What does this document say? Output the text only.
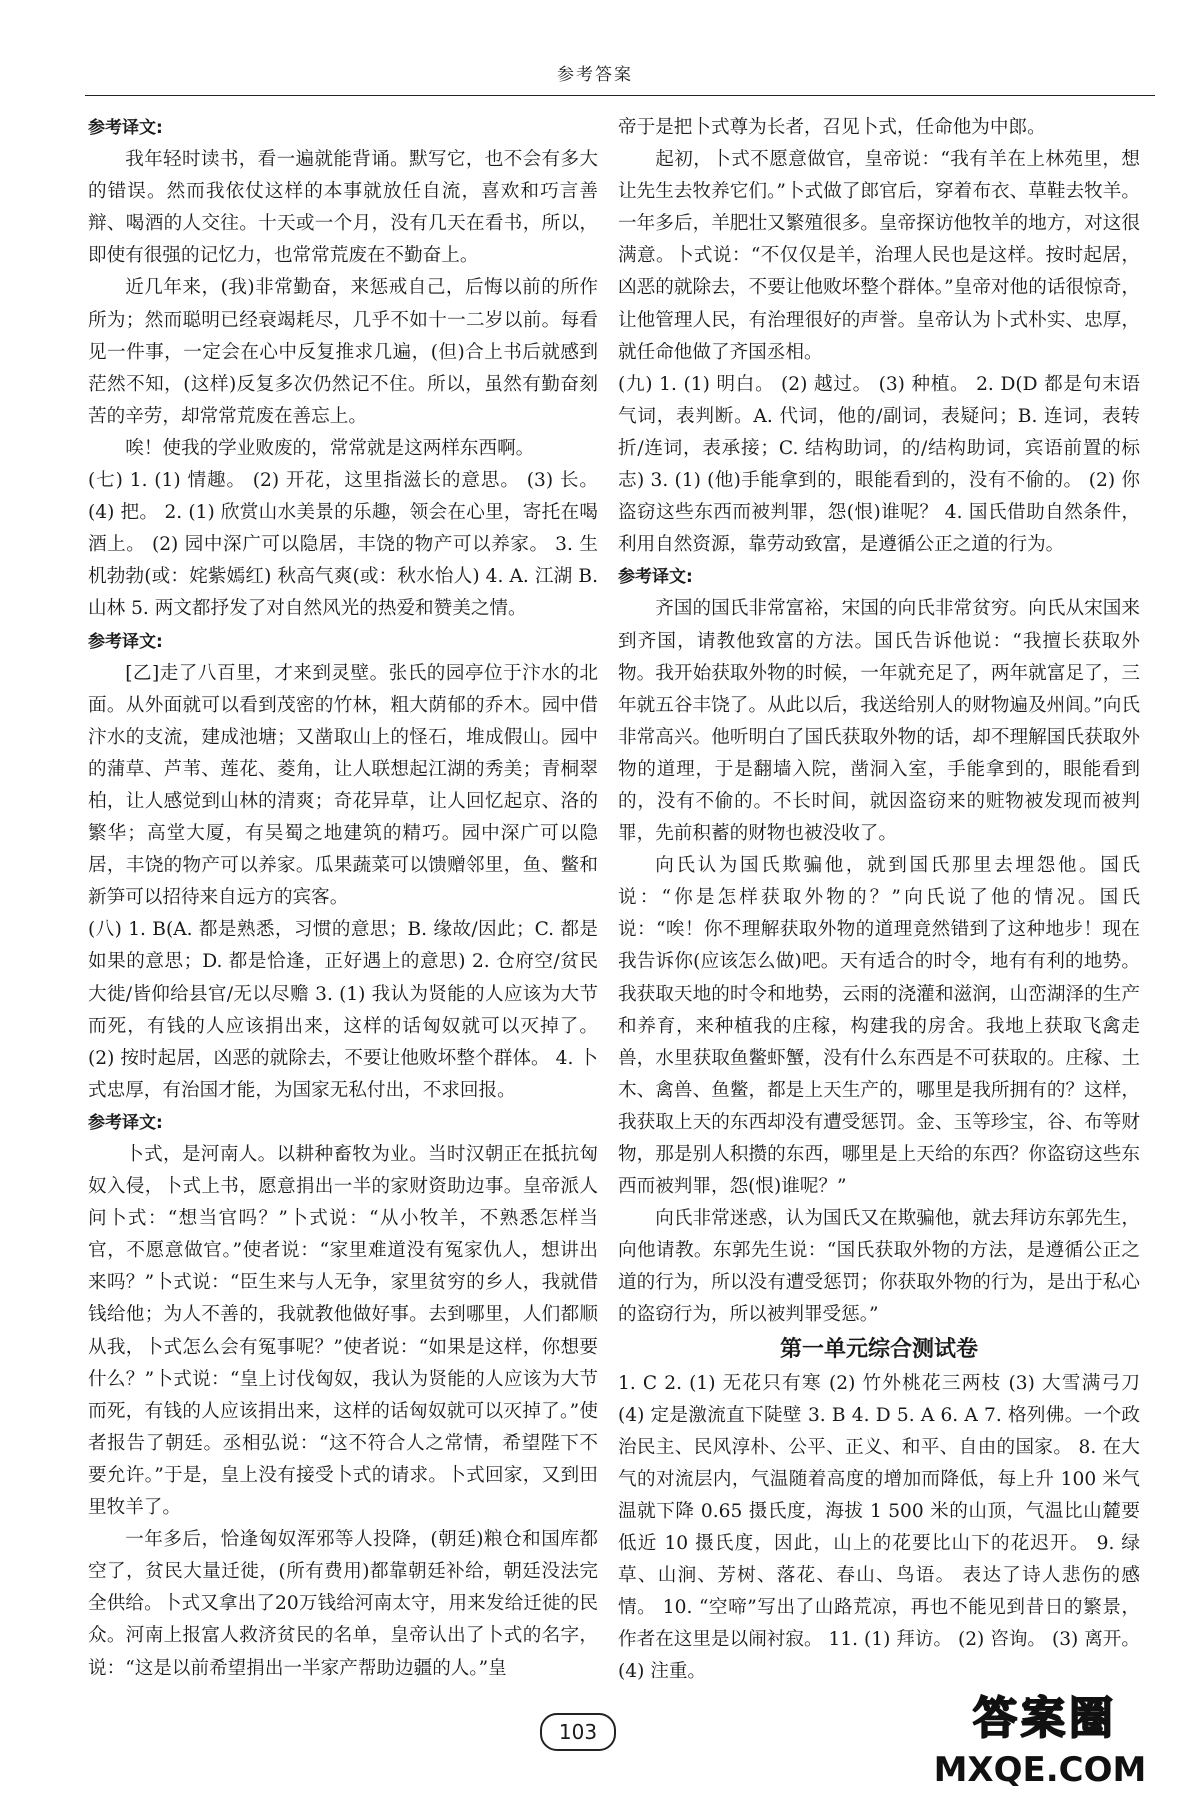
参考答案

参考译文:

我年轻时读书，看一遍就能背诵。默写它，也不会有多大的错误。然而我依仗这样的本事就放任自流，喜欢和巧言善辩、喝酒的人交往。十天或一个月，没有几天在看书，所以，即使有很强的记忆力，也常常荒废在不勤奋上。

近几年来，(我)非常勤奋，来惩戒自己，后悔以前的所作所为；然而聪明已经衰竭耗尽，几乎不如十一二岁以前。每看见一件事，一定会在心中反复推求几遍，(但)合上书后就感到茫然不知，(这样)反复多次仍然记不住。所以，虽然有勤奋刻苦的辛劳，却常常荒废在善忘上。

唉！使我的学业败废的，常常就是这两样东西啊。

(七) 1. (1) 情趣。 (2) 开花，这里指滋长的意思。 (3) 长。 (4) 把。 2. (1) 欣赏山水美景的乐趣，领会在心里，寄托在喝酒上。 (2) 园中深广可以隐居，丰饶的物产可以养家。 3. 生机勃勃(或：姹紫嫣红) 秋高气爽(或：秋水怡人) 4. A. 江湖 B. 山林 5. 两文都抒发了对自然风光的热爱和赞美之情。

参考译文:

[乙]走了八百里，才来到灵壁。张氏的园亭位于汴水的北面。从外面就可以看到茂密的竹林，粗大荫郁的乔木。园中借汴水的支流，建成池塘；又凿取山上的怪石，堆成假山。园中的蒲草、芦苇、莲花、菱角，让人联想起江湖的秀美；青桐翠柏，让人感觉到山林的清爽；奇花异草，让人回忆起京、洛的繁华；高堂大厦，有吴蜀之地建筑的精巧。园中深广可以隐居，丰饶的物产可以养家。瓜果蔬菜可以馈赠邻里，鱼、鳖和新笋可以招待来自远方的宾客。

(八) 1. B(A. 都是熟悉，习惯的意思；B. 缘故/因此；C. 都是如果的意思；D. 都是恰逢，正好遇上的意思) 2. 仓府空/贫民大徙/皆仰给县官/无以尽赡 3. (1) 我认为贤能的人应该为大节而死，有钱的人应该捐出来，这样的话匈奴就可以灭掉了。 (2) 按时起居，凶恶的就除去，不要让他败坏整个群体。 4. 卜式忠厚，有治国才能，为国家无私付出，不求回报。

参考译文:

卜式，是河南人。以耕种畜牧为业。当时汉朝正在抵抗匈奴入侵，卜式上书，愿意捐出一半的家财资助边事。皇帝派人问卜式：“想当官吗？”卜式说：“从小牧羊，不熟悉怎样当官，不愿意做官。”使者说：“家里难道没有冤家仇人，想讲出来吗？”卜式说：“臣生来与人无争，家里贫穷的乡人，我就借钱给他；为人不善的，我就教他做好事。去到哪里，人们都顺从我，卜式怎么会有冤事呢？”使者说：“如果是这样，你想要什么？”卜式说：“皇上讨伐匈奴，我认为贤能的人应该为大节而死，有钱的人应该捐出来，这样的话匈奴就可以灭掉了。”使者报告了朝廷。丞相弘说：“这不符合人之常情，希望陛下不要允许。”于是，皇上没有接受卜式的请求。卜式回家，又到田里牧羊了。

一年多后，恰逢匈奴浑邪等人投降，(朝廷)粮仓和国库都空了，贫民大量迁徙，(所有费用)都靠朝廷补给，朝廷没法完全供给。卜式又拿出了20万钱给河南太守，用来发给迁徙的民众。河南上报富人救济贫民的名单，皇帝认出了卜式的名字，说：“这是以前希望捐出一半家产帮助边疆的人。”皇

帝于是把卜式尊为长者，召见卜式，任命他为中郎。

起初，卜式不愿意做官，皇帝说：“我有羊在上林苑里，想让先生去牧养它们。”卜式做了郎官后，穿着布衣、草鞋去牧羊。一年多后，羊肥壮又繁殖很多。皇帝探访他牧羊的地方，对这很满意。卜式说：“不仅仅是羊，治理人民也是这样。按时起居，凶恶的就除去，不要让他败坏整个群体。”皇帝对他的话很惊奇，让他管理人民，有治理很好的声誉。皇帝认为卜式朴实、忠厚，就任命他做了齐国丞相。

(九) 1. (1) 明白。 (2) 越过。 (3) 种植。 2. D(D 都是句末语气词，表判断。A. 代词，他的/副词，表疑问；B. 连词，表转折/连词，表承接；C. 结构助词，的/结构助词，宾语前置的标志) 3. (1) (他)手能拿到的，眼能看到的，没有不偷的。 (2) 你盗窃这些东西而被判罪，怨(恨)谁呢？ 4. 国氏借助自然条件，利用自然资源，靠劳动致富，是遵循公正之道的行为。

参考译文:

齐国的国氏非常富裕，宋国的向氏非常贫穷。向氏从宋国来到齐国，请教他致富的方法。国氏告诉他说：“我擅长获取外物。我开始获取外物的时候，一年就充足了，两年就富足了，三年就五谷丰饶了。从此以后，我送给别人的财物遍及州闾。”向氏非常高兴。他听明白了国氏获取外物的话，却不理解国氏获取外物的道理，于是翻墙入院，凿洞入室，手能拿到的，眼能看到的，没有不偷的。不长时间，就因盗窃来的赃物被发现而被判罪，先前积蓄的财物也被没收了。

向氏认为国氏欺骗他，就到国氏那里去埋怨他。国氏说：“你是怎样获取外物的？”向氏说了他的情况。国氏说：“唉！你不理解获取外物的道理竟然错到了这种地步！现在我告诉你(应该怎么做)吧。天有适合的时令，地有有利的地势。我获取天地的时令和地势，云雨的浇灌和滋润，山峦湖泽的生产和养育，来种植我的庄稼，构建我的房舍。我地上获取飞禽走兽，水里获取鱼鳖虾蟹，没有什么东西是不可获取的。庄稼、土木、禽兽、鱼鳖，都是上天生产的，哪里是我所拥有的？这样，我获取上天的东西却没有遭受惩罚。金、玉等珍宝，谷、布等财物，那是别人积攒的东西，哪里是上天给的东西？你盗窃这些东西而被判罪，怨(恨)谁呢？”

向氏非常迷惑，认为国氏又在欺骗他，就去拜访东郭先生，向他请教。东郭先生说：“国氏获取外物的方法，是遵循公正之道的行为，所以没有遭受惩罚；你获取外物的行为，是出于私心的盗窃行为，所以被判罪受惩。”

第一单元综合测试卷

1. C 2. (1) 无花只有寒 (2) 竹外桃花三两枝 (3) 大雪满弓刀 (4) 定是激流直下陡壁 3. B 4. D 5. A 6. A 7. 格列佛。一个政治民主、民风淳朴、公平、正义、和平、自由的国家。 8. 在大气的对流层内，气温随着高度的增加而降低，每上升 100 米气温就下降 0.65 摄氏度，海拔 1 500 米的山顶，气温比山麓要低近 10 摄氏度，因此，山上的花要比山下的花迟开。 9. 绿草、山涧、芳树、落花、春山、鸟语。 表达了诗人悲伤的感情。 10. “空啼”写出了山路荒凉，再也不能见到昔日的繁景，作者在这里是以闹衬寂。 11. (1) 拜访。 (2) 咨询。 (3) 离开。 (4) 注重。

103	答案圈
MXQE.COM
